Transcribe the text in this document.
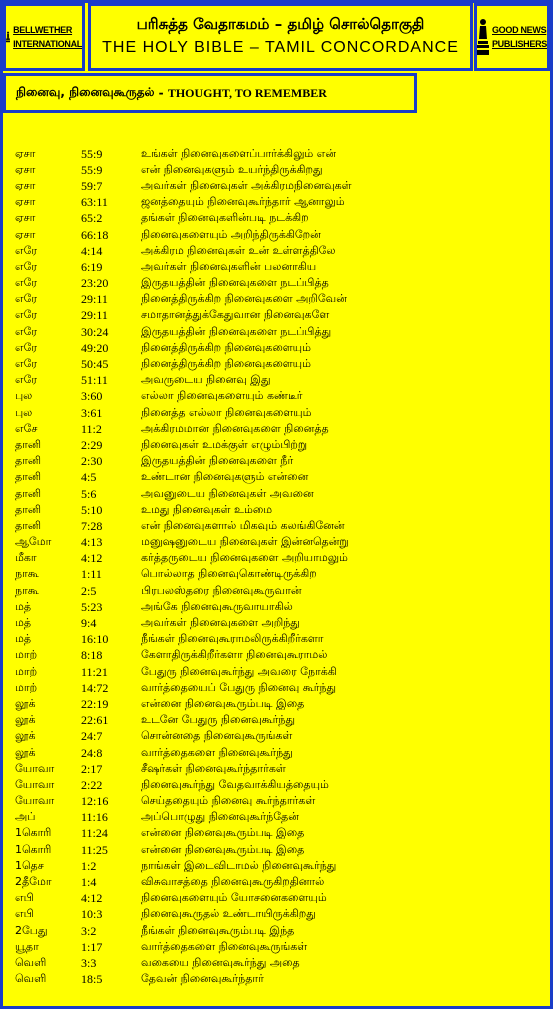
BELLWETHER
INTERNATIONAL
பரிசுத்த வேதாகமம் – தமிழ் சொல்தொகுதி
THE HOLY BIBLE – TAMIL CONCORDANCE
GOOD NEWS
PUBLISHERS
நினைவு, நினைவுகூருதல் - THOUGHT, TO REMEMBER
ஏசா	55:9	உங்கள் நினைவுகளைப்பார்க்கிலும் என்
ஏசா	55:9	என் நினைவுகளும் உயர்ந்திருக்கிறது
ஏசா	59:7	அவர்கள் நினைவுகள் அக்கிரமநினைவுகள்
ஏசா	63:11	ஜனத்தையும் நினைவுகூர்ந்தார் ஆனாலும்
ஏசா	65:2	தங்கள் நினைவுகளின்படி நடக்கிற
ஏசா	66:18	நினைவுகளையும் அறிந்திருக்கிறேன்
எரே	4:14	அக்கிரம நினைவுகள் உன் உள்ளத்திலே
எரே	6:19	அவர்கள் நினைவுகளின் பலனாகிய
எரே	23:20	இருதயத்தின் நினைவுகளை நடப்பித்த
எரே	29:11	நினைத்திருக்கிற நினைவுகளை அறிவேன்
எரே	29:11	சமாதானத்துக்கேதுவான நினைவுகளே
எரே	30:24	இருதயத்தின் நினைவுகளை நடப்பித்து
எரே	49:20	நினைத்திருக்கிற நினைவுகளையும்
எரே	50:45	நினைத்திருக்கிற நினைவுகளையும்
எரே	51:11	அவருடைய நினைவு இது
புல	3:60	எல்லா நினைவுகளையும் கண்டீர்
புல	3:61	நினைத்த எல்லா நினைவுகளையும்
எசே	11:2	அக்கிரமமான நினைவுகளை நினைத்த
தானி	2:29	நினைவுகள் உமக்குள் எழும்பிற்று
தானி	2:30	இருதயத்தின் நினைவுகளை நீர்
தானி	4:5	உண்டான நினைவுகளும் என்னை
தானி	5:6	அவனுடைய நினைவுகள் அவனை
தானி	5:10	உமது நினைவுகள் உம்மை
தானி	7:28	என் நினைவுகளால் மிகவும் கலங்கினேன்
ஆமோ	4:13	மனுஷனுடைய நினைவுகள் இன்னதென்று
மீகா	4:12	கர்த்தருடைய நினைவுகளை அறியாமலும்
நாகூ	1:11	பொல்லாத நினைவுகொண்டிருக்கிற
நாகூ	2:5	பிரபலஸ்தரை நினைவுகூருவான்
மத்	5:23	அங்கே நினைவுகூருவாயாகில்
மத்	9:4	அவர்கள் நினைவுகளை அறிந்து
மத்	16:10	நீங்கள் நினைவுகூராமலிருக்கிறீர்களா
மாற்	8:18	கேளாதிருக்கிறீர்களா நினைவுகூராமல்
மாற்	11:21	பேதுரு நினைவுகூர்ந்து அவரை நோக்கி
மாற்	14:72	வார்த்தையைப் பேதுரு நினைவு கூர்ந்து
லூக்	22:19	என்னை நினைவுகூரும்படி இதை
லூக்	22:61	உடனே பேதுரு நினைவுகூர்ந்து
லூக்	24:7	சொன்னதை நினைவுகூருங்கள்
லூக்	24:8	வார்த்தைகளை நினைவுகூர்ந்து
யோவா	2:17	சீஷர்கள் நினைவுகூர்ந்தார்கள்
யோவா	2:22	நினைவுகூர்ந்து வேதவாக்கியத்தையும்
யோவா	12:16	செய்ததையும் நினைவு கூர்ந்தார்கள்
அப்	11:16	அப்பொழுது நினைவுகூர்ந்தேன்
1கொரி	11:24	என்னை நினைவுகூரும்படி இதை
1கொரி	11:25	என்னை நினைவுகூரும்படி இதை
1தெச	1:2	நாங்கள் இடைவிடாமல் நினைவுகூர்ந்து
2தீமோ	1:4	விசுவாசத்தை நினைவுகூருகிறதினால்
எபி	4:12	நினைவுகளையும் யோசனைகளையும்
எபி	10:3	நினைவுகூருதல் உண்டாயிருக்கிறது
2பேது	3:2	நீங்கள் நினைவுகூரும்படி இந்த
யூதா	1:17	வார்த்தைகளை நினைவுகூருங்கள்
வெளி	3:3	வகையை நினைவுகூர்ந்து அதை
வெளி	18:5	தேவன் நினைவுகூர்ந்தார்
